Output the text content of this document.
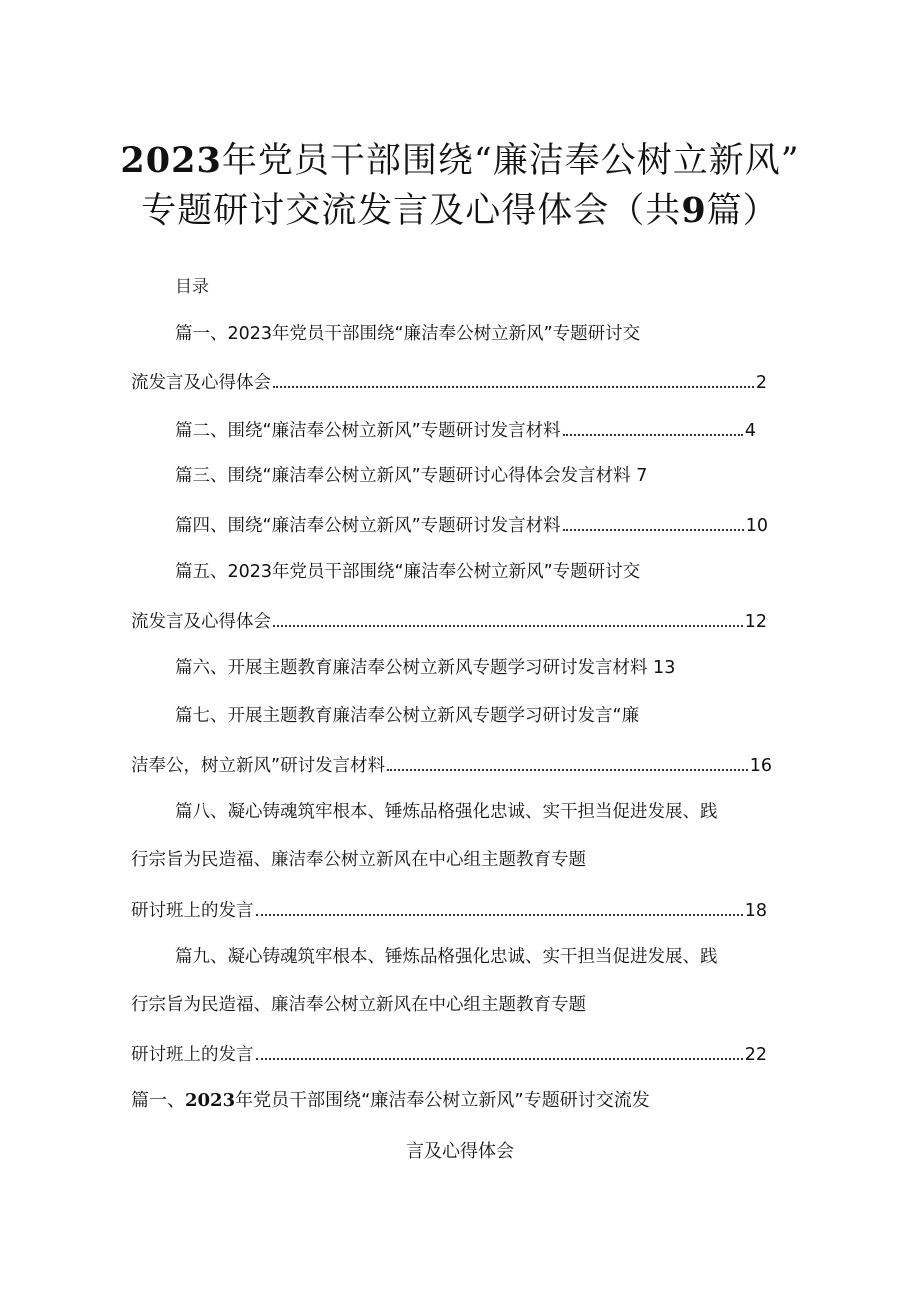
2023年党员干部围绕“廉洁奉公树立新风”
专题研讨交流发言及心得体会（共9篇）
目录
篇一、2023年党员干部围绕“廉洁奉公树立新风”专题研讨交
流发言及心得体会	2
篇二、围绕“廉洁奉公树立新风”专题研讨发言材料	4
篇三、围绕“廉洁奉公树立新风”专题研讨心得体会发言材料 7
篇四、围绕“廉洁奉公树立新风”专题研讨发言材料	10
篇五、2023年党员干部围绕“廉洁奉公树立新风”专题研讨交
流发言及心得体会	12
篇六、开展主题教育廉洁奉公树立新风专题学习研讨发言材料 13
篇七、开展主题教育廉洁奉公树立新风专题学习研讨发言“廉
洁奉公，树立新风”研讨发言材料	16
篇八、凝心铸魂筑牢根本、锤炼品格强化忠诚、实干担当促进发展、践
行宗旨为民造福、廉洁奉公树立新风在中心组主题教育专题
研讨班上的发言	18
篇九、凝心铸魂筑牢根本、锤炼品格强化忠诚、实干担当促进发展、践
行宗旨为民造福、廉洁奉公树立新风在中心组主题教育专题
研讨班上的发言	22
篇一、2023年党员干部围绕“廉洁奉公树立新风”专题研讨交流发
言及心得体会
